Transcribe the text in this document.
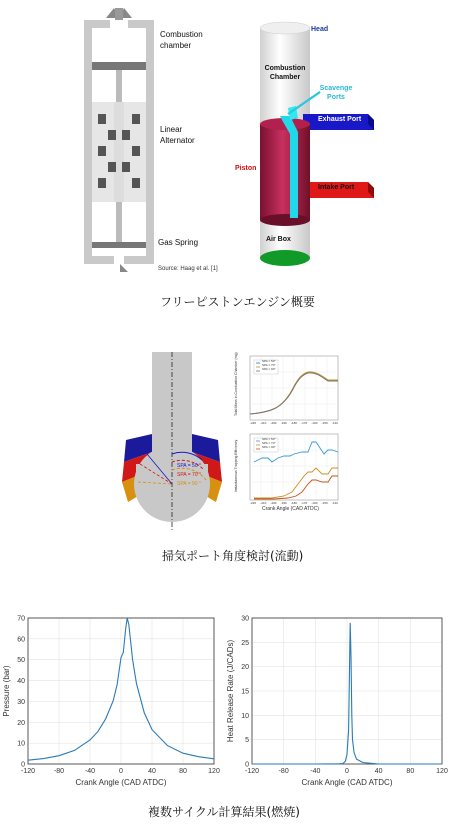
Combustion chamber
Linear Alternator
Gas Spring
Source: Haag et al. [1]
Head
Combustion Chamber
Scavenge Ports
Exhaust Port
Piston
Intake Port
Air Box
フリーピストンエンジン概要
SPA = 50 °
SPA = 70 °
SPA = 90 °
SPA = 50°
SPA = 70°
SPA = 90°
SPA = 50°
SPA = 70°
SPA = 90°
Total Mass in Combustion Chamber (mg)
Instantaneous Trapping Efficiency
-220 -210 -200 -190 -180 -170 -160 -150 -140
-220 -210 -200 -190 -180 -170 -160 -150 -140
Crank Angle (CAD ATDC)
掃気ポート角度検討(流動)
-120	-80	-40	0	40	80	120
0
10
20
30
40
50
60
70
Crank Angle (CAD ATDC)
Pressure (bar)
-120	-80	-40	0	40	80	120
0
5
10
15
20
25
30
Crank Angle (CAD ATDC)
Heat Release Rate (J/CADs)
複数サイクル計算結果(燃焼)
